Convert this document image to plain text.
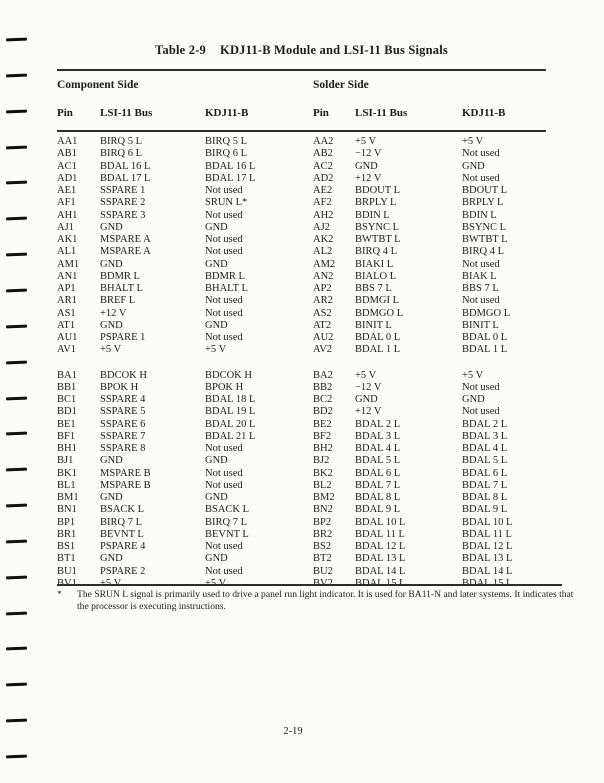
Table 2-9 KDJ11-B Module and LSI-11 Bus Signals
Component Side	Solder Side
Pin	LSI-11 Bus	KDJ11-B	Pin	LSI-11 Bus	KDJ11-B
AA1	BIRQ 5 L	BIRQ 5 L	AA2	+5 V	+5 V
AB1	BIRQ 6 L	BIRQ 6 L	AB2	−12 V	Not used
AC1	BDAL 16 L	BDAL 16 L	AC2	GND	GND
AD1	BDAL 17 L	BDAL 17 L	AD2	+12 V	Not used
AE1	SSPARE 1	Not used	AE2	BDOUT L	BDOUT L
AF1	SSPARE 2	SRUN L*	AF2	BRPLY L	BRPLY L
AH1	SSPARE 3	Not used	AH2	BDIN L	BDIN L
AJ1	GND	GND	AJ2	BSYNC L	BSYNC L
AK1	MSPARE A	Not used	AK2	BWTBT L	BWTBT L
AL1	MSPARE A	Not used	AL2	BIRQ 4 L	BIRQ 4 L
AM1	GND	GND	AM2	BIAKI L	Not used
AN1	BDMR L	BDMR L	AN2	BIALO L	BIAK L
AP1	BHALT L	BHALT L	AP2	BBS 7 L	BBS 7 L
AR1	BREF L	Not used	AR2	BDMGI L	Not used
AS1	+12 V	Not used	AS2	BDMGO L	BDMGO L
AT1	GND	GND	AT2	BINIT L	BINIT L
AU1	PSPARE 1	Not used	AU2	BDAL 0 L	BDAL 0 L
AV1	+5 V	+5 V	AV2	BDAL 1 L	BDAL 1 L
BA1	BDCOK H	BDCOK H	BA2	+5 V	+5 V
BB1	BPOK H	BPOK H	BB2	−12 V	Not used
BC1	SSPARE 4	BDAL 18 L	BC2	GND	GND
BD1	SSPARE 5	BDAL 19 L	BD2	+12 V	Not used
BE1	SSPARE 6	BDAL 20 L	BE2	BDAL 2 L	BDAL 2 L
BF1	SSPARE 7	BDAL 21 L	BF2	BDAL 3 L	BDAL 3 L
BH1	SSPARE 8	Not used	BH2	BDAL 4 L	BDAL 4 L
BJ1	GND	GND	BJ2	BDAL 5 L	BDAL 5 L
BK1	MSPARE B	Not used	BK2	BDAL 6 L	BDAL 6 L
BL1	MSPARE B	Not used	BL2	BDAL 7 L	BDAL 7 L
BM1	GND	GND	BM2	BDAL 8 L	BDAL 8 L
BN1	BSACK L	BSACK L	BN2	BDAL 9 L	BDAL 9 L
BP1	BIRQ 7 L	BIRQ 7 L	BP2	BDAL 10 L	BDAL 10 L
BR1	BEVNT L	BEVNT L	BR2	BDAL 11 L	BDAL 11 L
BS1	PSPARE 4	Not used	BS2	BDAL 12 L	BDAL 12 L
BT1	GND	GND	BT2	BDAL 13 L	BDAL 13 L
BU1	PSPARE 2	Not used	BU2	BDAL 14 L	BDAL 14 L
*	The SRUN L signal is primarily used to drive a panel run light indicator. It is used for BA11-N and later systems. It indicates that the processor is executing instructions.
2-19
